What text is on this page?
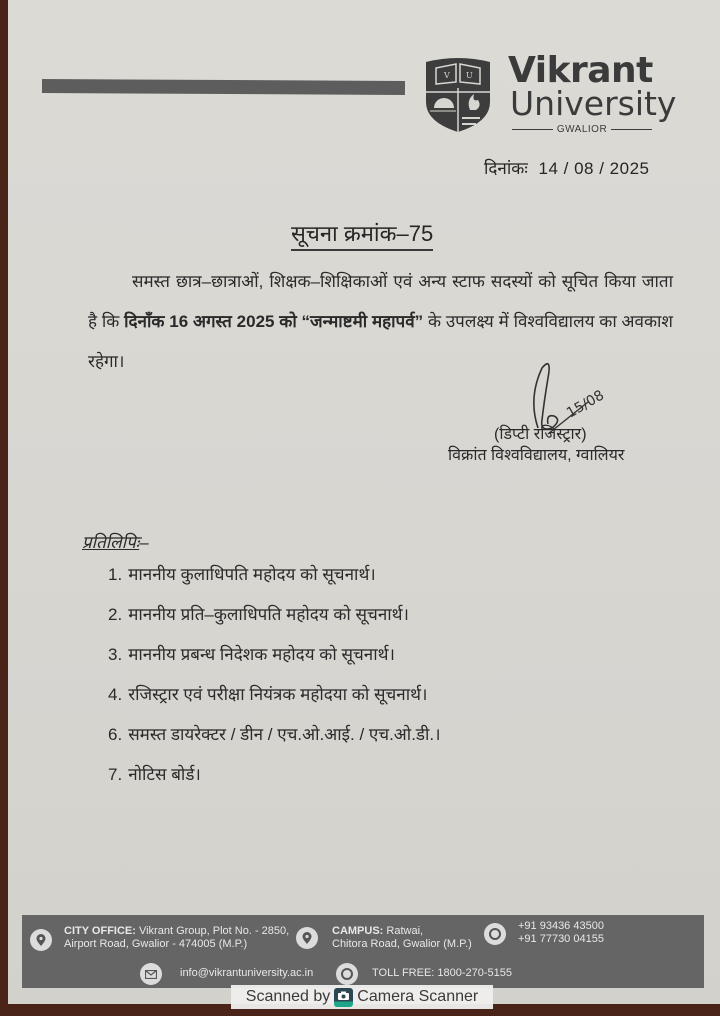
V U Vikrant
University
GWALIOR
दिनांकः 14 / 08 / 2025
सूचना क्रमांक–75
समस्त छात्र–छात्राओं, शिक्षक–शिक्षिकाओं एवं अन्य स्टाफ सदस्यों को सूचित किया जाता है कि दिनाँक 16 अगस्त 2025 को “जन्माष्टमी महापर्व” के उपलक्ष्य में विश्वविद्यालय का अवकाश रहेगा।
15/08
(डिप्टी रजिस्ट्रार)
विक्रांत विश्वविद्यालय, ग्वालियर
प्रतिलिपिः–
1. माननीय कुलाधिपति महोदय को सूचनार्थ।
2. माननीय प्रति–कुलाधिपति महोदय को सूचनार्थ।
3. माननीय प्रबन्ध निदेशक महोदय को सूचनार्थ।
4. रजिस्ट्रार एवं परीक्षा नियंत्रक महोदया को सूचनार्थ।
6. समस्त डायरेक्टर / डीन / एच.ओ.आई. / एच.ओ.डी.।
7. नोटिस बोर्ड।
CITY OFFICE: Vikrant Group, Plot No. - 2850,
Airport Road, Gwalior - 474005 (M.P.)
CAMPUS: Ratwai,
Chitora Road, Gwalior (M.P.)
+91 93436 43500
+91 77730 04155
info@vikrantuniversity.ac.in	TOLL FREE: 1800-270-5155
Scanned by Camera Scanner
